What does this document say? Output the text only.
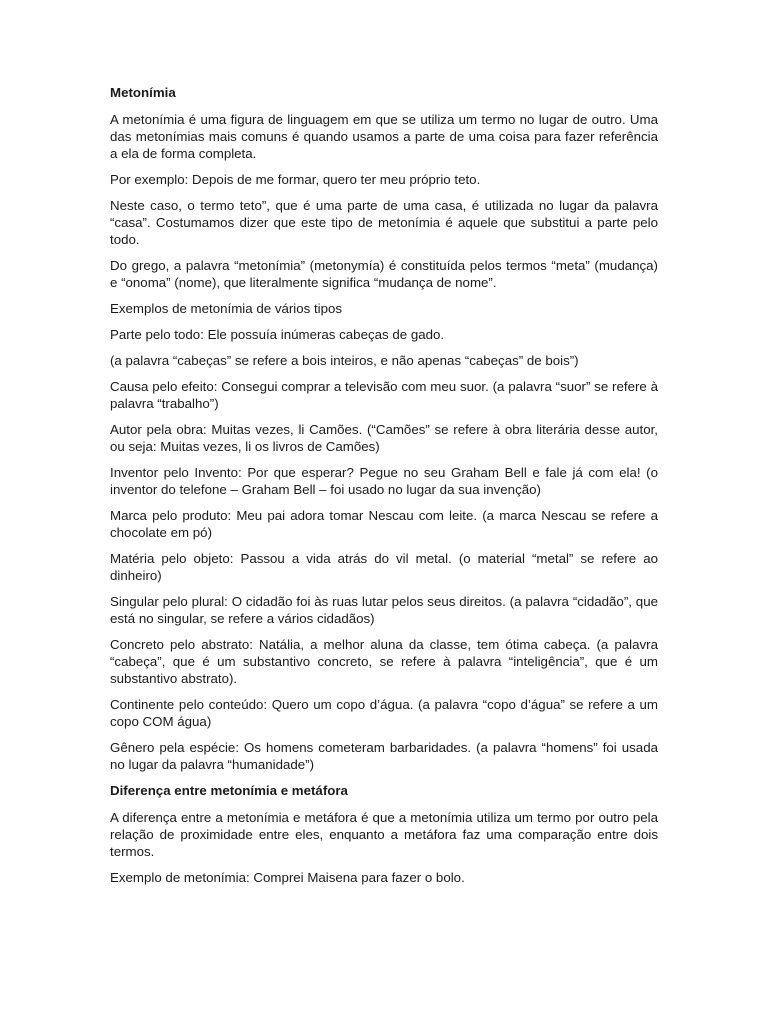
Metonímia

A metonímia é uma figura de linguagem em que se utiliza um termo no lugar de outro. Uma das metonímias mais comuns é quando usamos a parte de uma coisa para fazer referência a ela de forma completa.

Por exemplo: Depois de me formar, quero ter meu próprio teto.

Neste caso, o termo teto”, que é uma parte de uma casa, é utilizada no lugar da palavra “casa”. Costumamos dizer que este tipo de metonímia é aquele que substitui a parte pelo todo.

Do grego, a palavra “metonímia” (metonymía) é constituída pelos termos “meta” (mudança) e “onoma” (nome), que literalmente significa “mudança de nome”.

Exemplos de metonímia de vários tipos

Parte pelo todo: Ele possuía inúmeras cabeças de gado.

(a palavra “cabeças” se refere a bois inteiros, e não apenas “cabeças” de bois”)

Causa pelo efeito: Consegui comprar a televisão com meu suor. (a palavra “suor” se refere à palavra “trabalho”)

Autor pela obra: Muitas vezes, li Camões. (“Camões” se refere à obra literária desse autor, ou seja: Muitas vezes, li os livros de Camões)

Inventor pelo Invento: Por que esperar? Pegue no seu Graham Bell e fale já com ela! (o inventor do telefone – Graham Bell – foi usado no lugar da sua invenção)

Marca pelo produto: Meu pai adora tomar Nescau com leite. (a marca Nescau se refere a chocolate em pó)

Matéria pelo objeto: Passou a vida atrás do vil metal. (o material “metal” se refere ao dinheiro)

Singular pelo plural: O cidadão foi às ruas lutar pelos seus direitos. (a palavra “cidadão”, que está no singular, se refere a vários cidadãos)

Concreto pelo abstrato: Natália, a melhor aluna da classe, tem ótima cabeça. (a palavra “cabeça”, que é um substantivo concreto, se refere à palavra “inteligência”, que é um substantivo abstrato).

Continente pelo conteúdo: Quero um copo d’água. (a palavra “copo d’água” se refere a um copo COM água)

Gênero pela espécie: Os homens cometeram barbaridades. (a palavra “homens” foi usada no lugar da palavra “humanidade”)

Diferença entre metonímia e metáfora

A diferença entre a metonímia e metáfora é que a metonímia utiliza um termo por outro pela relação de proximidade entre eles, enquanto a metáfora faz uma comparação entre dois termos.

Exemplo de metonímia: Comprei Maisena para fazer o bolo.
